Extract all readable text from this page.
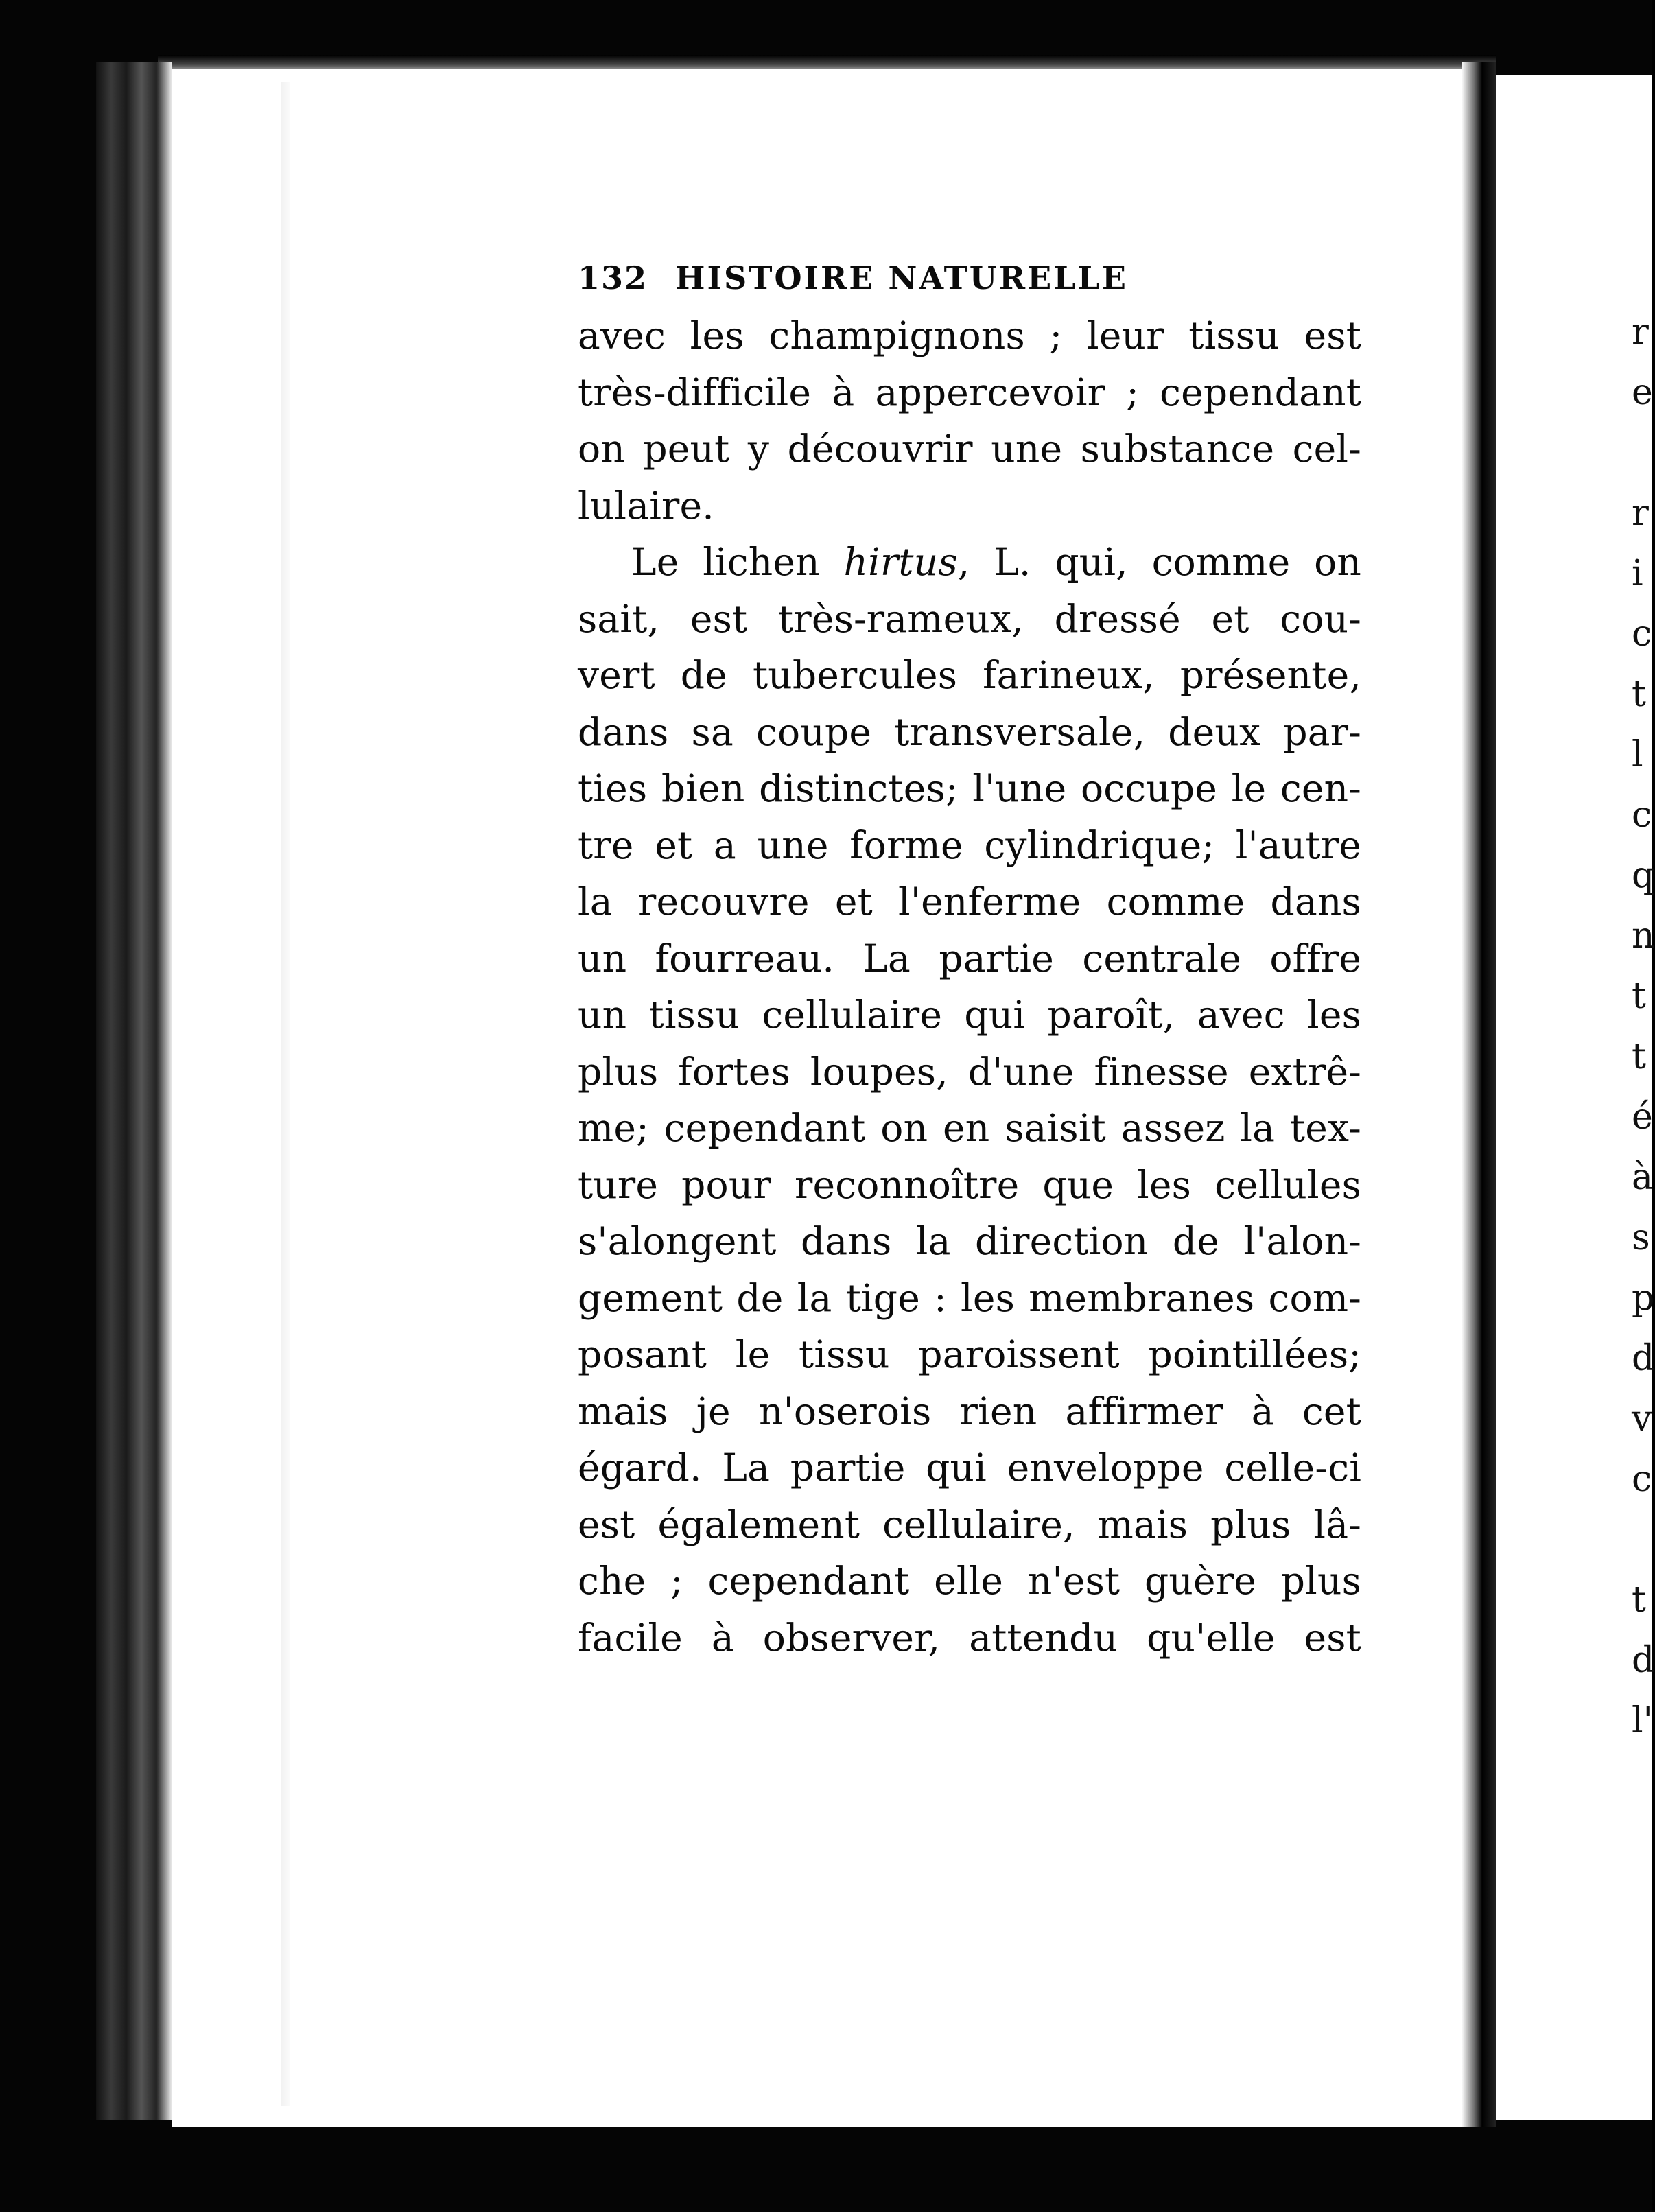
r
e

r
i
c
t
l
c
q
n
t
t
é
à
s
p
d
v
c

t
d
l'
132 HISTOIRE NATURELLE
avec les champignons ; leur tissu est
très-difficile à appercevoir ; cependant
on peut y découvrir une substance cel-
lulaire.
Le lichen hirtus, L. qui, comme on
sait, est très-rameux, dressé et cou-
vert de tubercules farineux, présente,
dans sa coupe transversale, deux par-
ties bien distinctes; l'une occupe le cen-
tre et a une forme cylindrique; l'autre
la recouvre et l'enferme comme dans
un fourreau. La partie centrale offre
un tissu cellulaire qui paroît, avec les
plus fortes loupes, d'une finesse extrê-
me; cependant on en saisit assez la tex-
ture pour reconnoître que les cellules
s'alongent dans la direction de l'alon-
gement de la tige : les membranes com-
posant le tissu paroissent pointillées;
mais je n'oserois rien affirmer à cet
égard. La partie qui enveloppe celle-ci
est également cellulaire, mais plus lâ-
che ; cependant elle n'est guère plus
facile à observer, attendu qu'elle est
